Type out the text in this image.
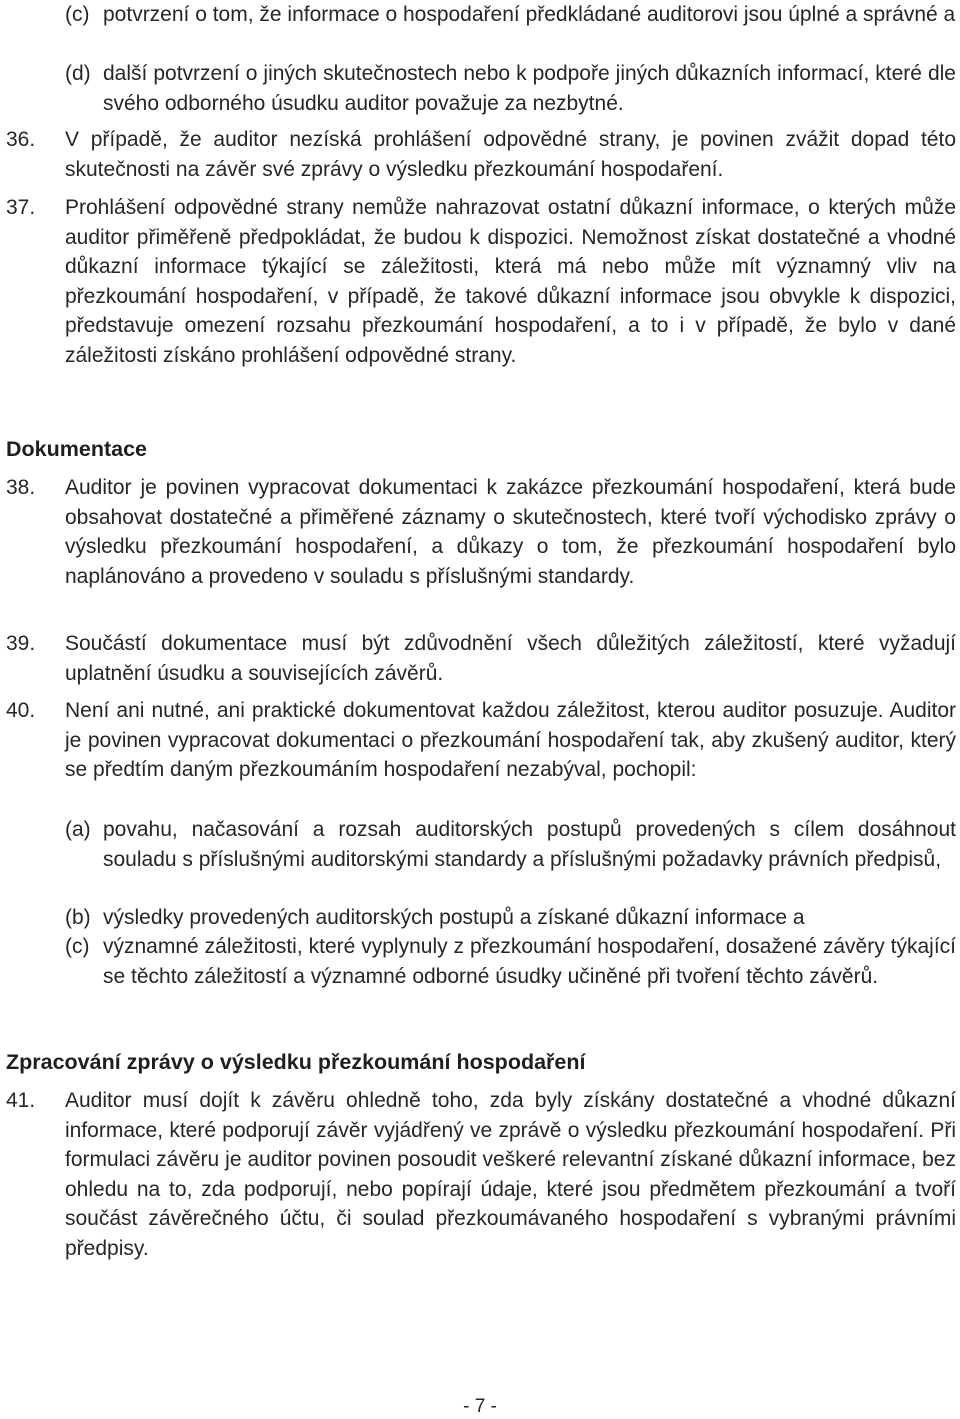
(c) potvrzení o tom, že informace o hospodaření předkládané auditorovi jsou úplné a správné a
(d) další potvrzení o jiných skutečnostech nebo k podpoře jiných důkazních informací, které dle svého odborného úsudku auditor považuje za nezbytné.
36. V případě, že auditor nezíská prohlášení odpovědné strany, je povinen zvážit dopad této skutečnosti na závěr své zprávy o výsledku přezkoumání hospodaření.
37. Prohlášení odpovědné strany nemůže nahrazovat ostatní důkazní informace, o kterých může auditor přiměřeně předpokládat, že budou k dispozici. Nemožnost získat dostatečné a vhodné důkazní informace týkající se záležitosti, která má nebo může mít významný vliv na přezkoumání hospodaření, v případě, že takové důkazní informace jsou obvykle k dispozici, představuje omezení rozsahu přezkoumání hospodaření, a to i v případě, že bylo v dané záležitosti získáno prohlášení odpovědné strany.
Dokumentace
38. Auditor je povinen vypracovat dokumentaci k zakázce přezkoumání hospodaření, která bude obsahovat dostatečné a přiměřené záznamy o skutečnostech, které tvoří východisko zprávy o výsledku přezkoumání hospodaření, a důkazy o tom, že přezkoumání hospodaření bylo naplánováno a provedeno v souladu s příslušnými standardy.
39. Součástí dokumentace musí být zdůvodnění všech důležitých záležitostí, které vyžadují uplatnění úsudku a souvisejících závěrů.
40. Není ani nutné, ani praktické dokumentovat každou záležitost, kterou auditor posuzuje. Auditor je povinen vypracovat dokumentaci o přezkoumání hospodaření tak, aby zkušený auditor, který se předtím daným přezkoumáním hospodaření nezabýval, pochopil:
(a) povahu, načasování a rozsah auditorských postupů provedených s cílem dosáhnout souladu s příslušnými auditorskými standardy a příslušnými požadavky právních předpisů,
(b) výsledky provedených auditorských postupů a získané důkazní informace a
(c) významné záležitosti, které vyplynuly z přezkoumání hospodaření, dosažené závěry týkající se těchto záležitostí a významné odborné úsudky učiněné při tvoření těchto závěrů.
Zpracování zprávy o výsledku přezkoumání hospodaření
41. Auditor musí dojít k závěru ohledně toho, zda byly získány dostatečné a vhodné důkazní informace, které podporují závěr vyjádřený ve zprávě o výsledku přezkoumání hospodaření. Při formulaci závěru je auditor povinen posoudit veškeré relevantní získané důkazní informace, bez ohledu na to, zda podporují, nebo popírají údaje, které jsou předmětem přezkoumání a tvoří součást závěrečného účtu, či soulad přezkoumávaného hospodaření s vybranými právními předpisy.
- 7 -
